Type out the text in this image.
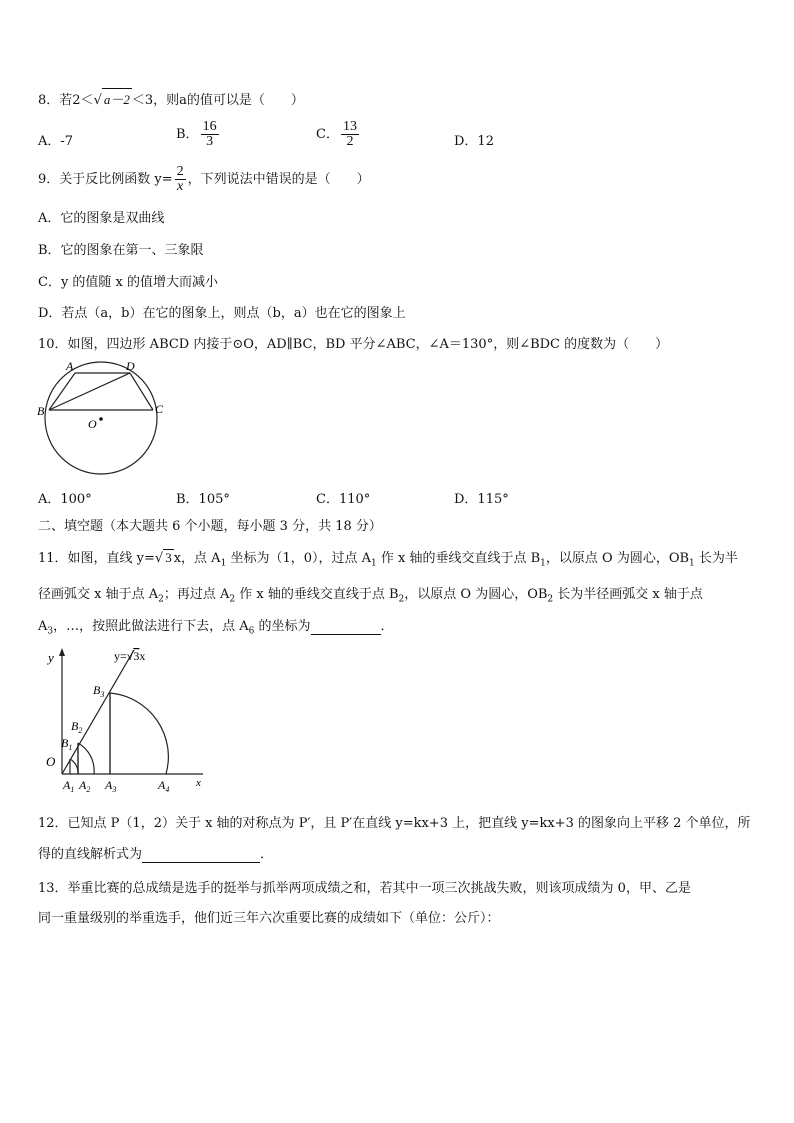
8．若2＜√ a－2 ＜3，则a的值可以是（　　）
A．-7	B． $\frac{16}{3}$	C． $\frac{13}{2}$	D．12
9．关于反比例函数 $y= \frac{2}{x}$ ，下列说法中错误的是（　　）
A．它的图象是双曲线
B．它的图象在第一、三象限
C．y 的值随 x 的值增大而减小
D．若点（a，b）在它的图象上，则点（b，a）也在它的图象上
10．如图，四边形 ABCD 内接于⊙O，AD∥BC，BD 平分∠ABC，∠A＝130°，则∠BDC 的度数为（　　）
A	D
B	C
O
A．100°	B．105°	C．110°	D．115°
二、填空题（本大题共 6 个小题，每小题 3 分，共 18 分）
11．如图，直线 y=√ 3 x，点 $A_1$ 坐标为（1，0），过点 $A_1$ 作 x 轴的垂线交直线于点 $B_1$，以原点 O 为圆心，$OB_1$ 长为半
径画弧交 x 轴于点 $A_2$；再过点 $A_2$ 作 x 轴的垂线交直线于点 $B_2$，以原点 O 为圆心，$OB_2$ 长为半径画弧交 x 轴于点
$A_3$，…，按照此做法进行下去，点 $A_6$ 的坐标为	．
y
x
y=√3x
O
$B_1$
$B_2$
$B_3$
$A_1$ $A_2$ $A_3$	$A_4$
12．已知点 P（1，2）关于 x 轴的对称点为 P′，且 P′在直线 y=kx+3 上，把直线 y=kx+3 的图象向上平移 2 个单位，所
得的直线解析式为	．
13．举重比赛的总成绩是选手的挺举与抓举两项成绩之和，若其中一项三次挑战失败，则该项成绩为 0，甲、乙是
同一重量级别的举重选手，他们近三年六次重要比赛的成绩如下（单位：公斤）：
